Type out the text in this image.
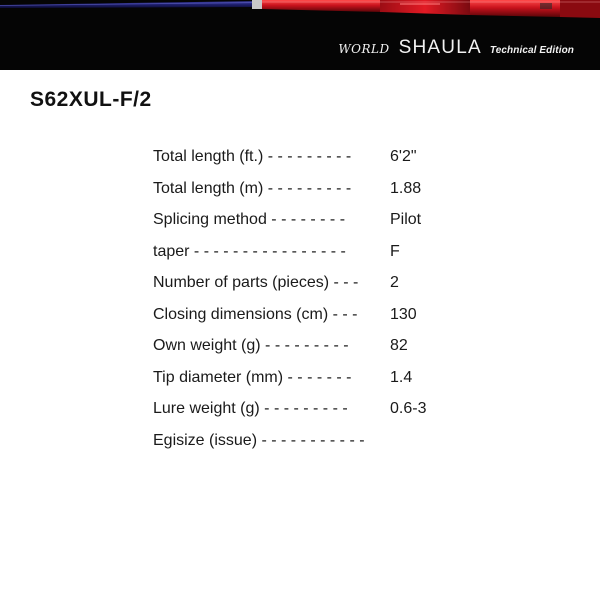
WORLD SHAULA Technical Edition
S62XUL-F/2
Total length (ft.) - - - - - - - - - 6'2"
Total length (m) - - - - - - - - - 1.88
Splicing method - - - - - - - -	Pilot
taper - - - - - - - - - - - - - - - -	F
Number of parts (pieces) - - - 2
Closing dimensions (cm) - - - 130
Own weight (g) - - - - - - - - -	82
Tip diameter (mm) - - - - - - - 1.4
Lure weight (g) - - - - - - - - -	0.6-3
Egisize (issue) - - - - - - - - - - -
